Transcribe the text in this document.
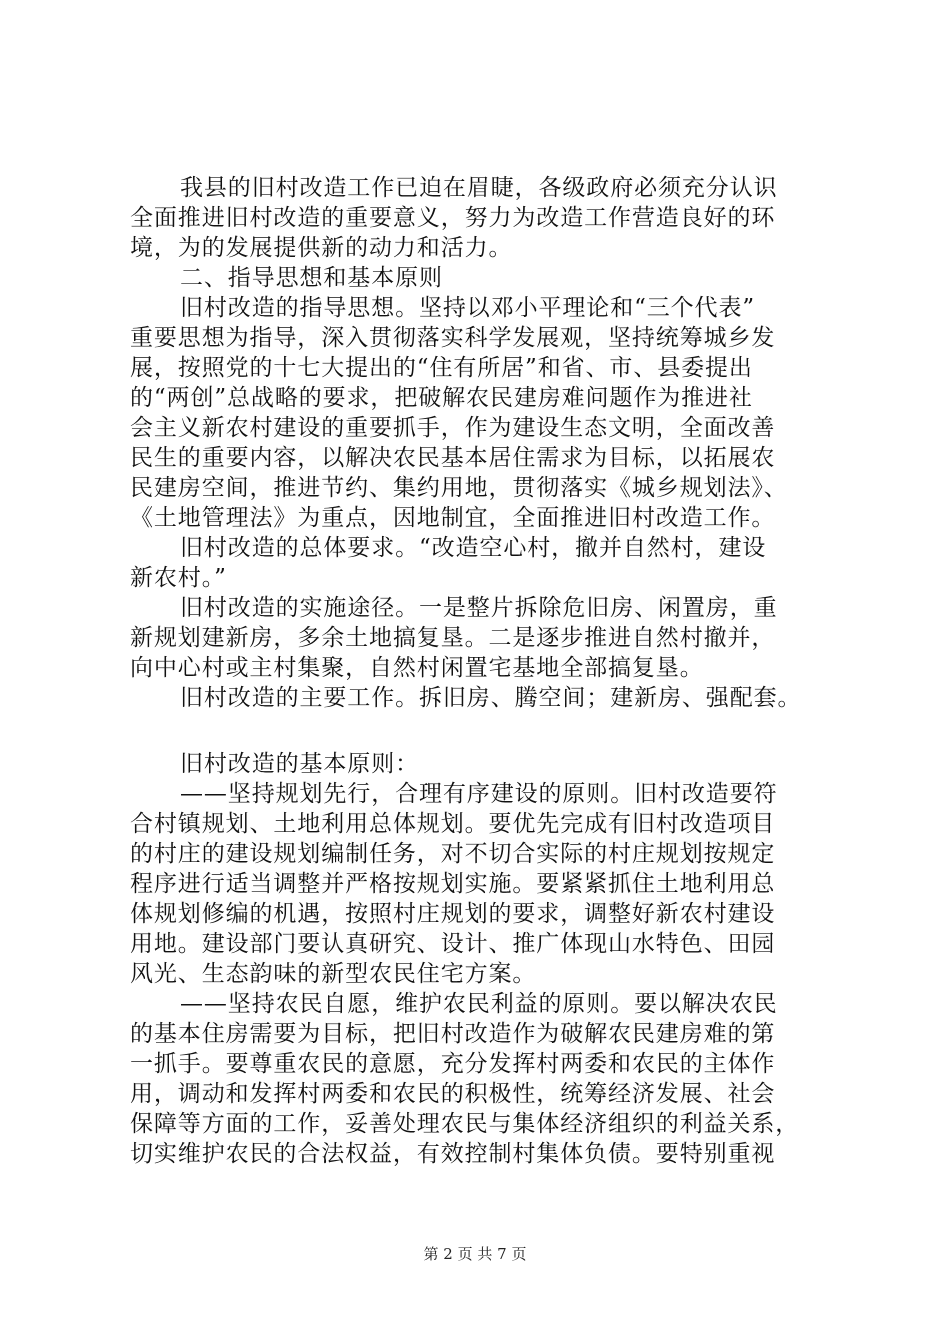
我县的旧村改造工作已迫在眉睫，各级政府必须充分认识
全面推进旧村改造的重要意义，努力为改造工作营造良好的环
境，为的发展提供新的动力和活力。
二、指导思想和基本原则
旧村改造的指导思想。坚持以邓小平理论和“三个代表”
重要思想为指导，深入贯彻落实科学发展观，坚持统筹城乡发
展，按照党的十七大提出的“住有所居”和省、市、县委提出
的“两创”总战略的要求，把破解农民建房难问题作为推进社
会主义新农村建设的重要抓手，作为建设生态文明，全面改善
民生的重要内容，以解决农民基本居住需求为目标，以拓展农
民建房空间，推进节约、集约用地，贯彻落实《城乡规划法》、
《土地管理法》为重点，因地制宜，全面推进旧村改造工作。
旧村改造的总体要求。“改造空心村，撤并自然村，建设
新农村。”
旧村改造的实施途径。一是整片拆除危旧房、闲置房，重
新规划建新房，多余土地搞复垦。二是逐步推进自然村撤并，
向中心村或主村集聚，自然村闲置宅基地全部搞复垦。
旧村改造的主要工作。拆旧房、腾空间；建新房、强配套。
旧村改造的基本原则：
——坚持规划先行，合理有序建设的原则。旧村改造要符
合村镇规划、土地利用总体规划。要优先完成有旧村改造项目
的村庄的建设规划编制任务，对不切合实际的村庄规划按规定
程序进行适当调整并严格按规划实施。要紧紧抓住土地利用总
体规划修编的机遇，按照村庄规划的要求，调整好新农村建设
用地。建设部门要认真研究、设计、推广体现山水特色、田园
风光、生态韵味的新型农民住宅方案。
——坚持农民自愿，维护农民利益的原则。要以解决农民
的基本住房需要为目标，把旧村改造作为破解农民建房难的第
一抓手。要尊重农民的意愿，充分发挥村两委和农民的主体作
用，调动和发挥村两委和农民的积极性，统筹经济发展、社会
保障等方面的工作，妥善处理农民与集体经济组织的利益关系，
切实维护农民的合法权益，有效控制村集体负债。要特别重视
第 2 页 共 7 页
